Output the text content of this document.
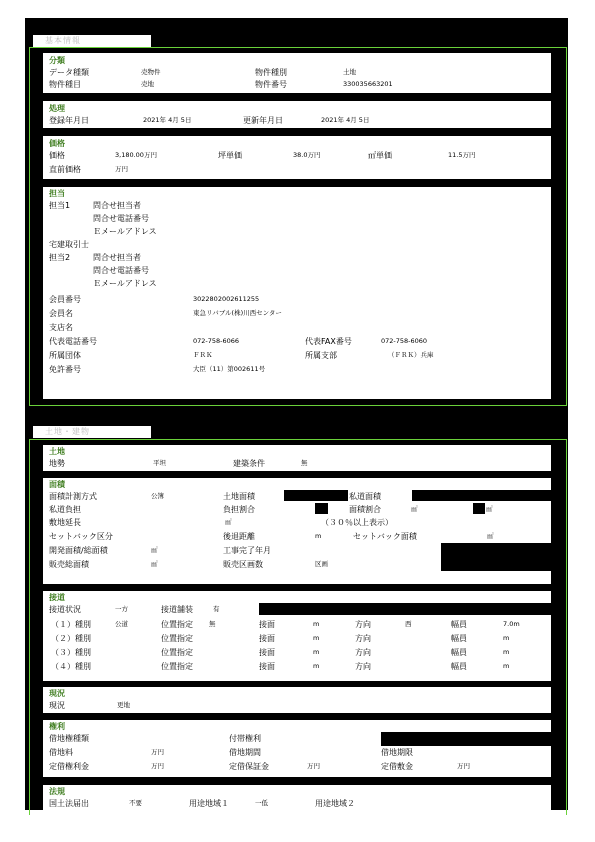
基本情報
分類
データ種類	売物件	物件種別	土地
物件種目	売地	物件番号	330035663201
処理
登録年月日	2021年 4月 5日	更新年月日	2021年 4月 5日
価格
価格	3,180.00万円	坪単価	38.0万円	㎡単価	11.5万円
直前価格	万円
担当
担当1	問合せ担当者
問合せ電話番号
Ｅメールアドレス
宅建取引士
担当2	問合せ担当者
問合せ電話番号
Ｅメールアドレス
会員番号	3022802002611255
会員名	東急リバブル(株)川西センター
支店名
代表電話番号	072-758-6066	代表FAX番号	072-758-6060
所属団体	ＦＲＫ	所属支部	（ＦＲＫ）兵庫
免許番号	大臣（11）第002611号
土地・建物
土地
地勢	平坦	建築条件	無
面積
面積計測方式	公簿	土地面積	私道面積
私道負担	負担割合	面積割合	㎡	㎡
敷地延長	㎡	（３０％以上表示）
セットバック区分	後退距離	m	セットバック面積	㎡
開発面積/総面積	㎡	工事完了年月
販売総面積	㎡	販売区画数	区画
接道
接道状況	一方	接道舗装	有
（１）種別	公道	位置指定 無	接面	m	方向	西	幅員	7.0m
（２）種別	位置指定	接面	m	方向	幅員	m
（３）種別	位置指定	接面	m	方向	幅員	m
（４）種別	位置指定	接面	m	方向	幅員	m
現況
現況	更地
権利
借地権種類	付帯権利
借地料	万円	借地期間	借地期限
定借権利金	万円	定借保証金	万円	定借敷金	万円
法規
国土法届出	不要	用途地域１	一低	用途地域２
